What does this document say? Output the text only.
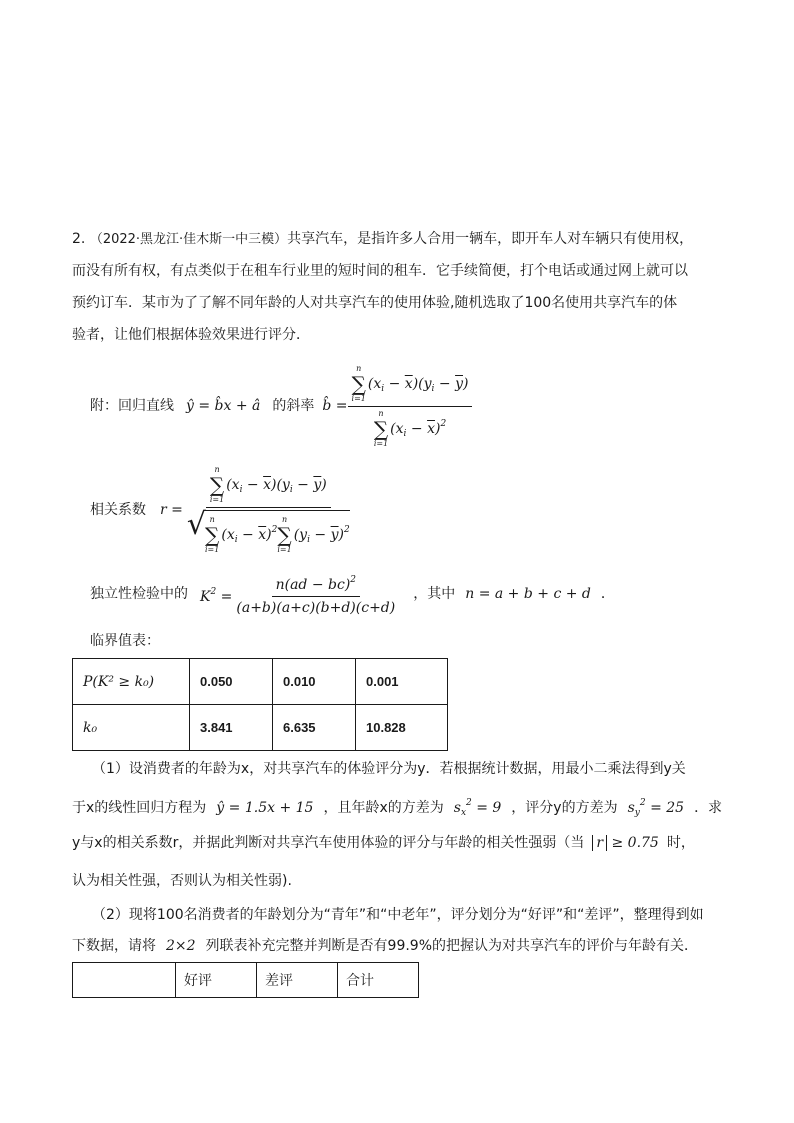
2. （2022·黑龙江·佳木斯一中三模）共享汽车，是指许多人合用一辆车，即开车人对车辆只有使用权，
而没有所有权，有点类似于在租车行业里的短时间的租车．它手续简便，打个电话或通过网上就可以
预约订车．某市为了了解不同年龄的人对共享汽车的使用体验,随机选取了100名使用共享汽车的体
验者，让他们根据体验效果进行评分．
附：回归直线 ŷ = b̂x + â 的斜率 b̂ = n
∑
i=1
$(x_i - \overline{x})(y_i - \overline{y})$
n
∑
i=1
$(x_i - \overline{x})^2$
相关系数 r = n
∑
i=1
$(x_i - \overline{x})(y_i - \overline{y})$
√ n
∑
i=1
$(x_i - \overline{x})^2$
n
∑
i=1
$(y_i - \overline{y})^2$
独立性检验中的 $K^2 = \frac{n(ad - bc)^2}{(a+b)(a+c)(b+d)(c+d)}$ ，其中 n = a + b + c + d ．
临界值表：
P(K² ≥ k₀)	0.050	0.010	0.001
k₀	3.841	6.635	10.828
（1）设消费者的年龄为x，对共享汽车的体验评分为y．若根据统计数据，用最小二乘法得到y关
于x的线性回归方程为 ŷ = 1.5x + 15 ，且年龄x的方差为 $s_x^2 = 9$ ，评分y的方差为 $s_y^2 = 25$ ．求
y与x的相关系数r，并据此判断对共享汽车使用体验的评分与年龄的相关性强弱（当 r ≥ 0.75 时，
认为相关性强，否则认为相关性弱).
（2）现将100名消费者的年龄划分为“青年”和“中老年”，评分划分为“好评”和“差评”，整理得到如
下数据，请将 2×2 列联表补充完整并判断是否有99.9%的把握认为对共享汽车的评价与年龄有关．
	好评	差评	合计
